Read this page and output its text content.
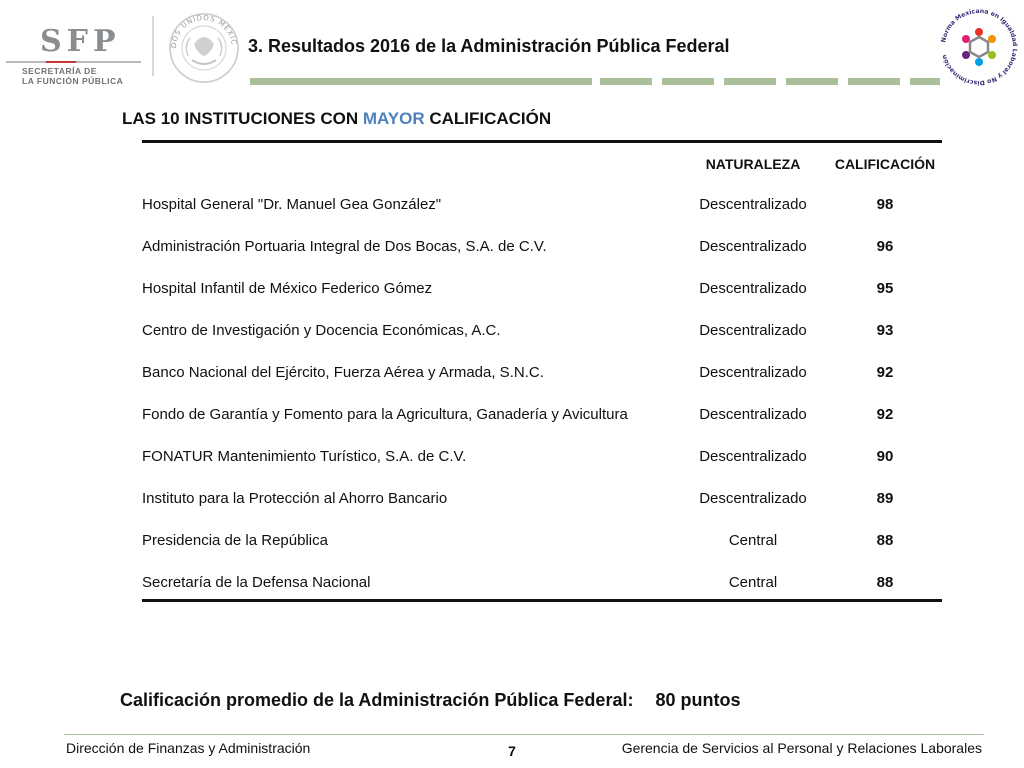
SFP
SECRETARÍA DE
LA FUNCIÓN PÚBLICA
DOS UNIDOS MEXIC 3. Resultados 2016 de la Administración Pública Federal	Norma Mexicana en Igualdad Laboral y No Discriminación
LAS 10 INSTITUCIONES CON MAYOR CALIFICACIÓN
NATURALEZA	CALIFICACIÓN
Hospital General "Dr. Manuel Gea González"	Descentralizado	98
Administración Portuaria Integral de Dos Bocas, S.A. de C.V.	Descentralizado	96
Hospital Infantil de México Federico Gómez	Descentralizado	95
Centro de Investigación y Docencia Económicas, A.C.	Descentralizado	93
Banco Nacional del Ejército, Fuerza Aérea y Armada, S.N.C.	Descentralizado	92
Fondo de Garantía y Fomento para la Agricultura, Ganadería y Avicultura	Descentralizado	92
FONATUR Mantenimiento Turístico, S.A. de C.V.	Descentralizado	90
Instituto para la Protección al Ahorro Bancario	Descentralizado	89
Presidencia de la República	Central	88
Secretaría de la Defensa Nacional	Central	88
Calificación promedio de la Administración Pública Federal: 80 puntos
Dirección de Finanzas y Administración	7	Gerencia de Servicios al Personal y Relaciones Laborales
